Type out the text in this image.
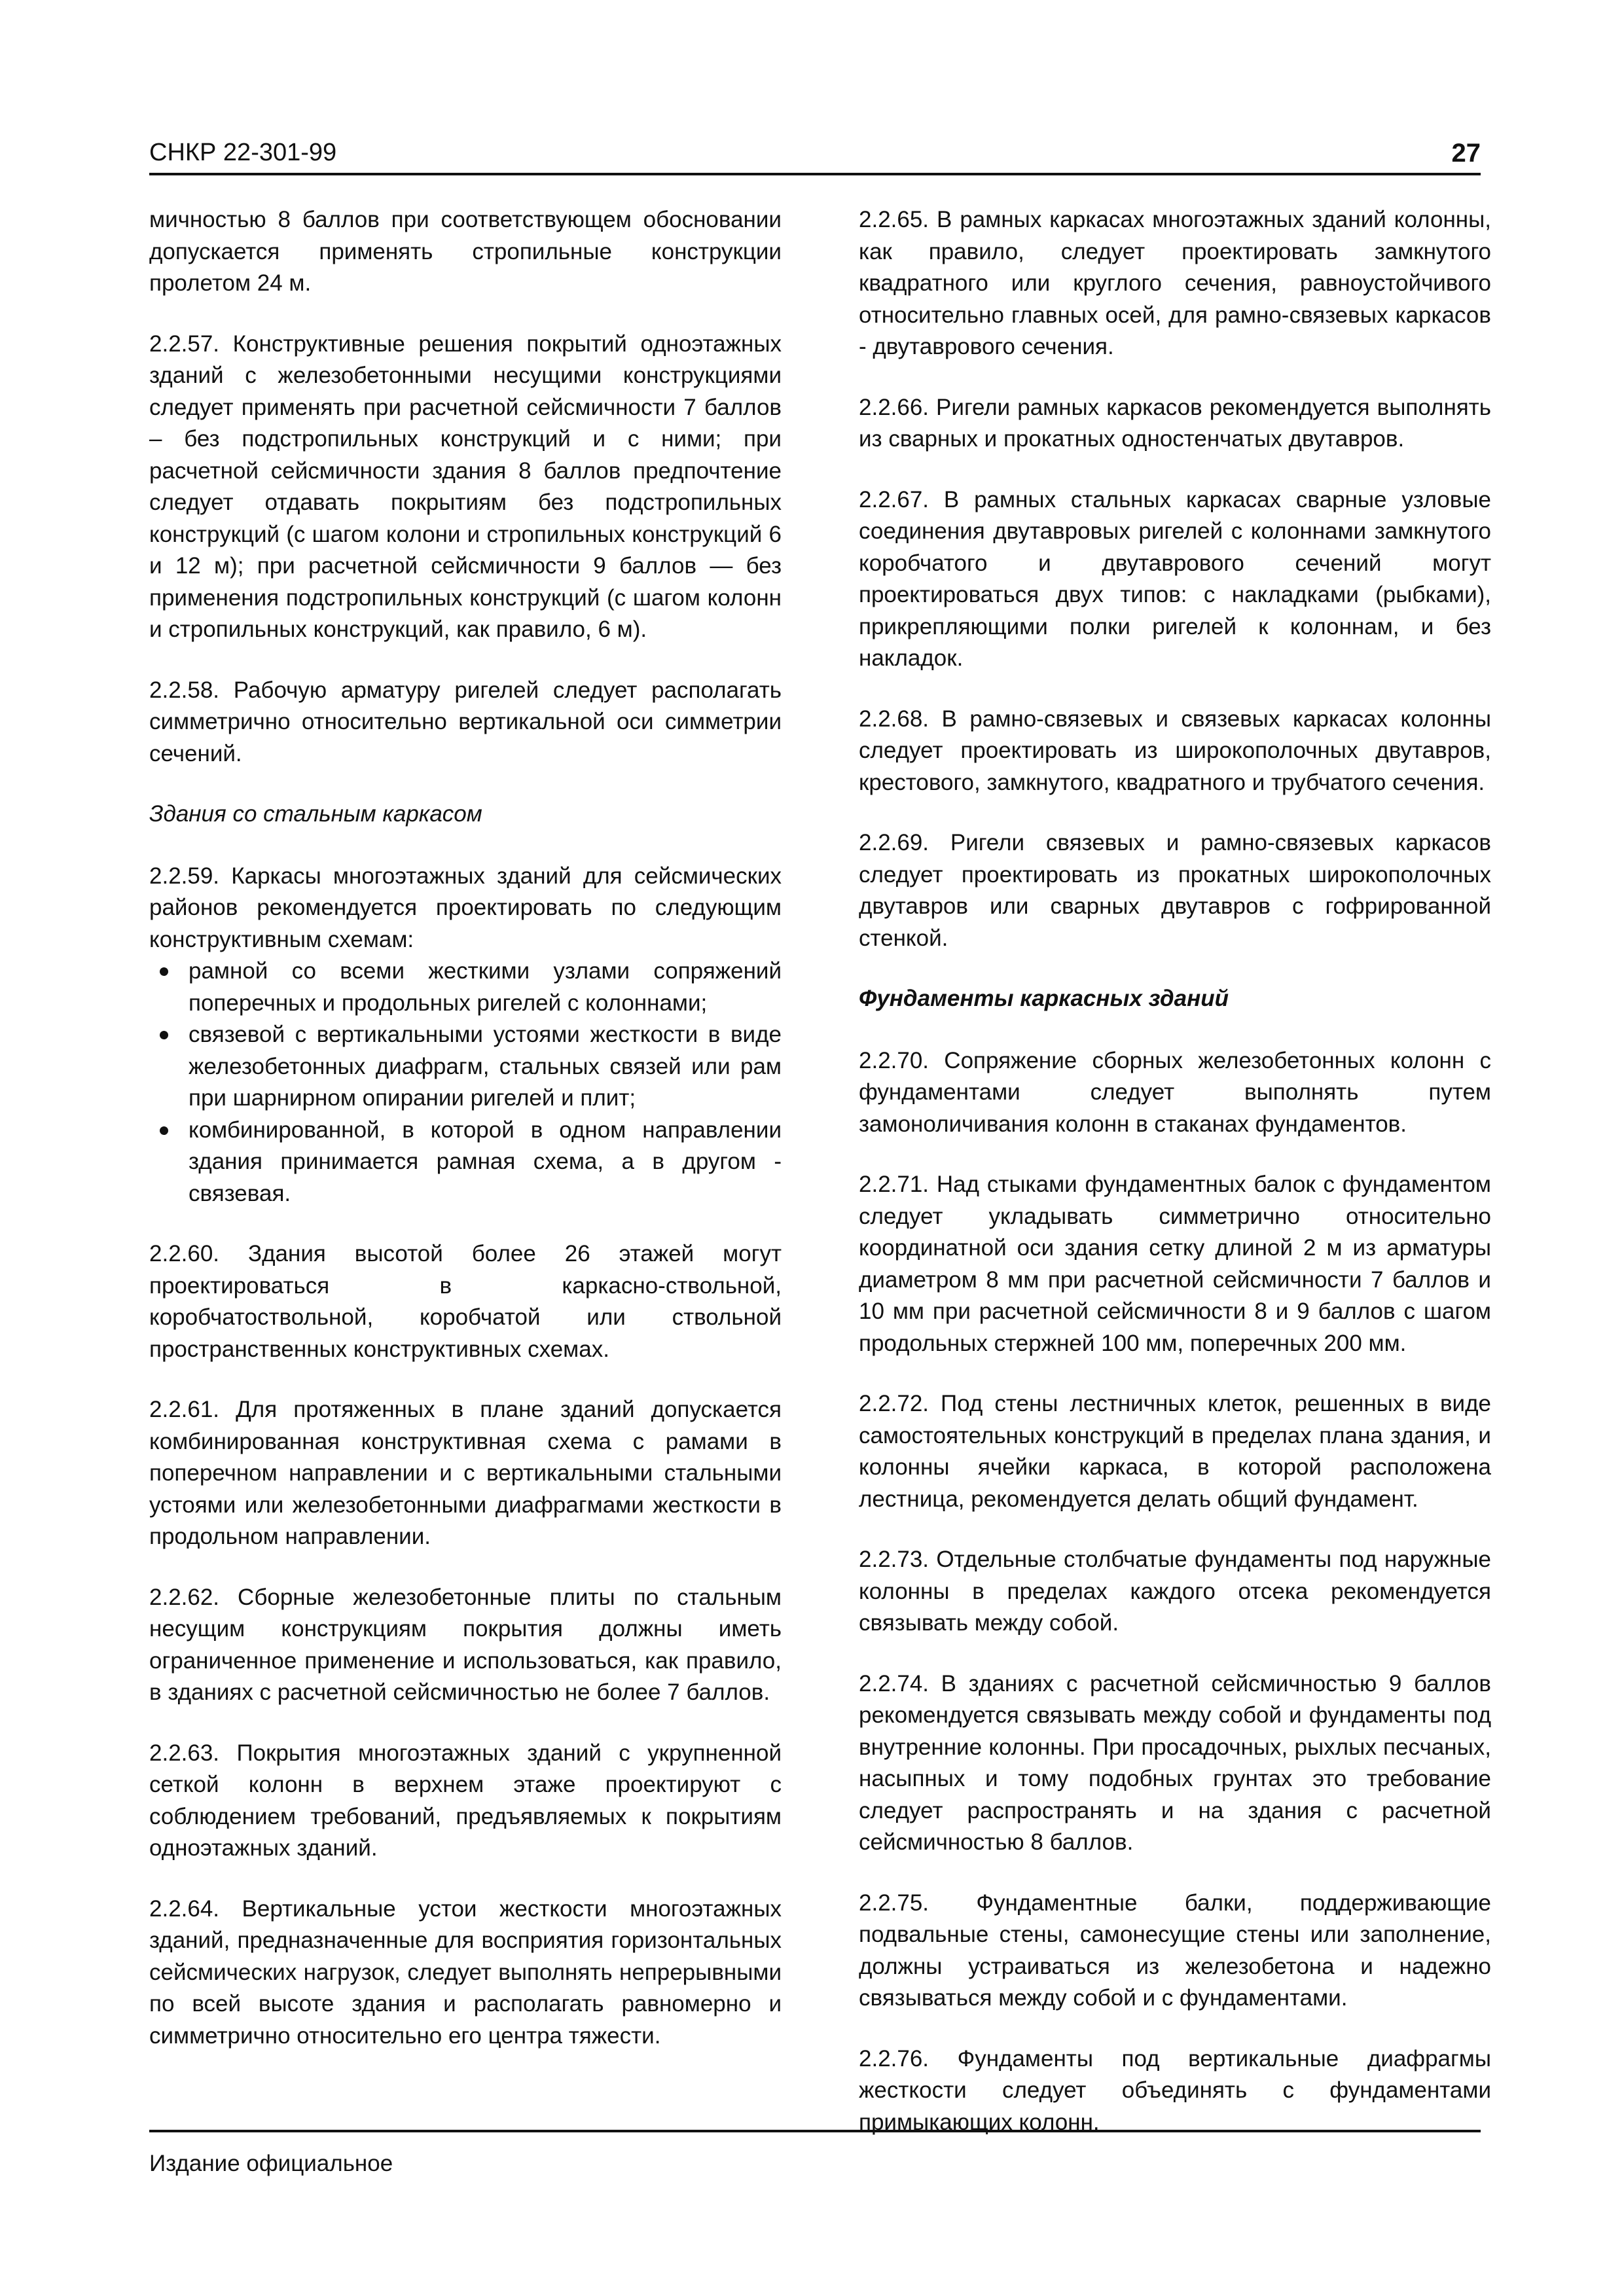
СНКР 22-301-99	27

мичностью 8 баллов при соответствующем обосновании допускается применять стропильные конструкции пролетом 24 м.

2.2.57. Конструктивные решения покрытий одноэтажных зданий с железобетонными несущими конструкциями следует применять при расчетной сейсмичности 7 баллов – без подстропильных конструкций и с ними; при расчетной сейсмичности здания 8 баллов предпочтение следует отдавать покрытиям без подстропильных конструкций (с шагом колони и стропильных конструкций 6 и 12 м); при расчетной сейсмичности 9 баллов — без применения подстропильных конструкций (с шагом колонн и стропильных конструкций, как правило, 6 м).

2.2.58. Рабочую арматуру ригелей следует располагать симметрично относительно вертикальной оси симметрии сечений.

Здания со стальным каркасом

2.2.59. Каркасы многоэтажных зданий для сейсмических районов рекомендуется проектировать по следующим конструктивным схемам:

рамной со всеми жесткими узлами сопряжений поперечных и продольных ригелей с колоннами;
связевой с вертикальными устоями жесткости в виде железобетонных диафрагм, стальных связей или рам при шарнирном опирании ригелей и плит;
комбинированной, в которой в одном направлении здания принимается рамная схема, а в другом - связевая.

2.2.60. Здания высотой более 26 этажей могут проектироваться в каркасно-ствольной, коробчатоствольной, коробчатой или ствольной пространственных конструктивных схемах.

2.2.61. Для протяженных в плане зданий допускается комбинированная конструктивная схема с рамами в поперечном направлении и с вертикальными стальными устоями или железобетонными диафрагмами жесткости в продольном направлении.

2.2.62. Сборные железобетонные плиты по стальным несущим конструкциям покрытия должны иметь ограниченное применение и использоваться, как правило, в зданиях с расчетной сейсмичностью не более 7 баллов.

2.2.63. Покрытия многоэтажных зданий с укрупненной сеткой колонн в верхнем этаже проектируют с соблюдением требований, предъявляемых к покрытиям одноэтажных зданий.

2.2.64. Вертикальные устои жесткости многоэтажных зданий, предназначенные для восприятия горизонтальных сейсмических нагрузок, следует выполнять непрерывными по всей высоте здания и располагать равномерно и симметрично относительно его центра тяжести.

2.2.65. В рамных каркасах многоэтажных зданий колонны, как правило, следует проектировать замкнутого квадратного или круглого сечения, равноустойчивого относительно главных осей, для рамно-связевых каркасов - двутаврового сечения.

2.2.66. Ригели рамных каркасов рекомендуется выполнять из сварных и прокатных одностенчатых двутавров.

2.2.67. В рамных стальных каркасах сварные узловые соединения двутавровых ригелей с колоннами замкнутого коробчатого и двутаврового сечений могут проектироваться двух типов: с накладками (рыбками), прикрепляющими полки ригелей к колоннам, и без накладок.

2.2.68. В рамно-связевых и связевых каркасах колонны следует проектировать из широкополочных двутавров, крестового, замкнутого, квадратного и трубчатого сечения.

2.2.69. Ригели связевых и рамно-связевых каркасов следует проектировать из прокатных широкополочных двутавров или сварных двутавров с гофрированной стенкой.

Фундаменты каркасных зданий

2.2.70. Сопряжение сборных железобетонных колонн с фундаментами следует выполнять путем замоноличивания колонн в стаканах фундаментов.

2.2.71. Над стыками фундаментных балок с фундаментом следует укладывать симметрично относительно координатной оси здания сетку длиной 2 м из арматуры диаметром 8 мм при расчетной сейсмичности 7 баллов и 10 мм при расчетной сейсмичности 8 и 9 баллов с шагом продольных стержней 100 мм, поперечных 200 мм.

2.2.72. Под стены лестничных клеток, решенных в виде самостоятельных конструкций в пределах плана здания, и колонны ячейки каркаса, в которой расположена лестница, рекомендуется делать общий фундамент.

2.2.73. Отдельные столбчатые фундаменты под наружные колонны в пределах каждого отсека рекомендуется связывать между собой.

2.2.74. В зданиях с расчетной сейсмичностью 9 баллов рекомендуется связывать между собой и фундаменты под внутренние колонны. При просадочных, рыхлых песчаных, насыпных и тому подобных грунтах это требование следует распространять и на здания с расчетной сейсмичностью 8 баллов.

2.2.75. Фундаментные балки, поддерживающие подвальные стены, самонесущие стены или заполнение, должны устраиваться из железобетона и надежно связываться между собой и с фундаментами.

2.2.76. Фундаменты под вертикальные диафрагмы жесткости следует объединять с фундаментами примыкающих колонн.

Издание официальное
